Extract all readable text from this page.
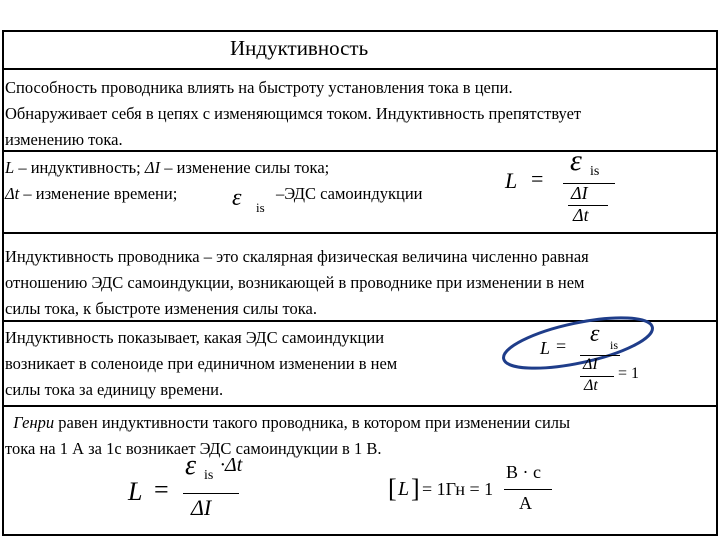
Индуктивность
Способность проводника влиять на быстроту установления тока в цепи.
Обнаруживает себя в цепях с изменяющимся током. Индуктивность препятствует
изменению тока.
L – индуктивность; ΔI – изменение силы тока;
Δt – изменение времени; ε is
–ЭДС самоиндукции
L =
ε is
ΔI
Δt
Индуктивность проводника – это скалярная физическая величина численно равная
отношению ЭДС самоиндукции, возникающей в проводнике при изменении в нем
силы тока, к быстроте изменения силы тока.
Индуктивность показывает, какая ЭДС самоиндукции
возникает в соленоиде при единичном изменении в нем
силы тока за единицу времени.
L = ε is
ΔI
Δt
= 1
Генри равен индуктивности такого проводника, в котором при изменении силы
тока на 1 А за 1с возникает ЭДС самоиндукции в 1 В.
L =
ε is ·Δt
ΔI
[ L ] = 1Гн = 1
В · с
А
